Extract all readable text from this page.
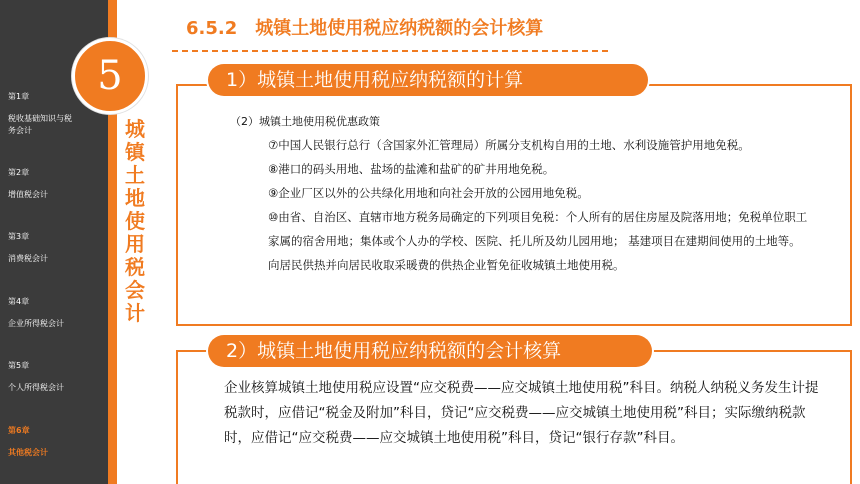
第1章
税收基础知识与税务会计
第2章
增值税会计
第3章
消费税会计
第4章
企业所得税会计
第5章
个人所得税会计
第6章
其他税会计
5
城镇土地使用税会计
6.5.2　城镇土地使用税应纳税额的会计核算
1）城镇土地使用税应纳税额的计算
（2）城镇土地使用税优惠政策

⑦中国人民银行总行（含国家外汇管理局）所属分支机构自用的土地、水利设施管护用地免税。

⑧港口的码头用地、盐场的盐滩和盐矿的矿井用地免税。

⑨企业厂区以外的公共绿化用地和向社会开放的公园用地免税。

⑩由省、自治区、直辖市地方税务局确定的下列项目免税：个人所有的居住房屋及院落用地；免税单位职工家属的宿舍用地；集体或个人办的学校、医院、托儿所及幼儿园用地； 基建项目在建期间使用的土地等。向居民供热并向居民收取采暖费的供热企业暂免征收城镇土地使用税。

2）城镇土地使用税应纳税额的会计核算
企业核算城镇土地使用税应设置“应交税费——应交城镇土地使用税”科目。纳税人纳税义务发生计提税款时，应借记“税金及附加”科目，贷记“应交税费——应交城镇土地使用税”科目；实际缴纳税款时，应借记“应交税费——应交城镇土地使用税”科目，贷记“银行存款”科目。
